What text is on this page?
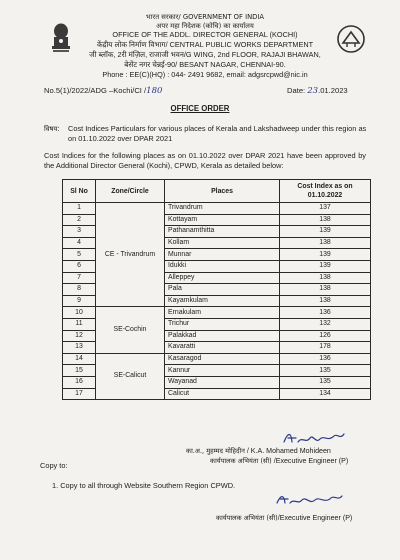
भारत सरकार/ GOVERNMENT OF INDIA
अपर महा निदेशक (कोचि) का कार्यालय
OFFICE OF THE ADDL. DIRECTOR GENERAL (KOCHI)
केंद्रीय लोक निर्माण विभाग/ CENTRAL PUBLIC WORKS DEPARTMENT
जी ब्लॉक, 2री मंज़िल, राजाजी भवन/G WING, 2nd FLOOR, RAJAJI BHAWAN,
बेसेंट नगर चेन्नई-90/ BESANT NAGAR, CHENNAI-90.
Phone : EE(C)(HQ) : 044- 2491 9682, email: adgsrcpwd@nic.in
No.5(1)/2022/ADG –Kochi/CI /180	Date: 23.01.2023
OFFICE ORDER
विषय: Cost Indices Particulars for various places of Kerala and Lakshadweep under this region as on 01.10.2022 over DPAR 2021
Cost Indices for the following places as on 01.10.2022 over DPAR 2021 have been approved by the Additional Director General (Kochi), CPWD, Kerala as detailed below:
Sl No	Zone/Circle	Places	Cost Index as on 01.10.2022
1	CE - Trivandrum	Trivandrum	137
2		Kottayam	138
3		Pathanamthitta	139
4		Kollam	138
5		Munnar	139
6		Idukki	139
7		Alleppey	138
8		Pala	138
9		Kayamkulam	138
10	SE-Cochin	Ernakulam	136
11		Trichur	132
12		Palakkad	126
13		Kavaratti	178
14	SE-Calicut	Kasaragod	136
15		Kannur	135
16		Wayanad	135
17		Calicut	134
का.अ., मुहम्मद मोहिदीन / K.A. Mohamed Mohideen
कार्यपालक अभियंता (सी) /Executive Engineer (P)
Copy to:
1. Copy to all through Website Southern Region CPWD.
कार्यपालक अभियंता (सी)/Executive Engineer (P)
